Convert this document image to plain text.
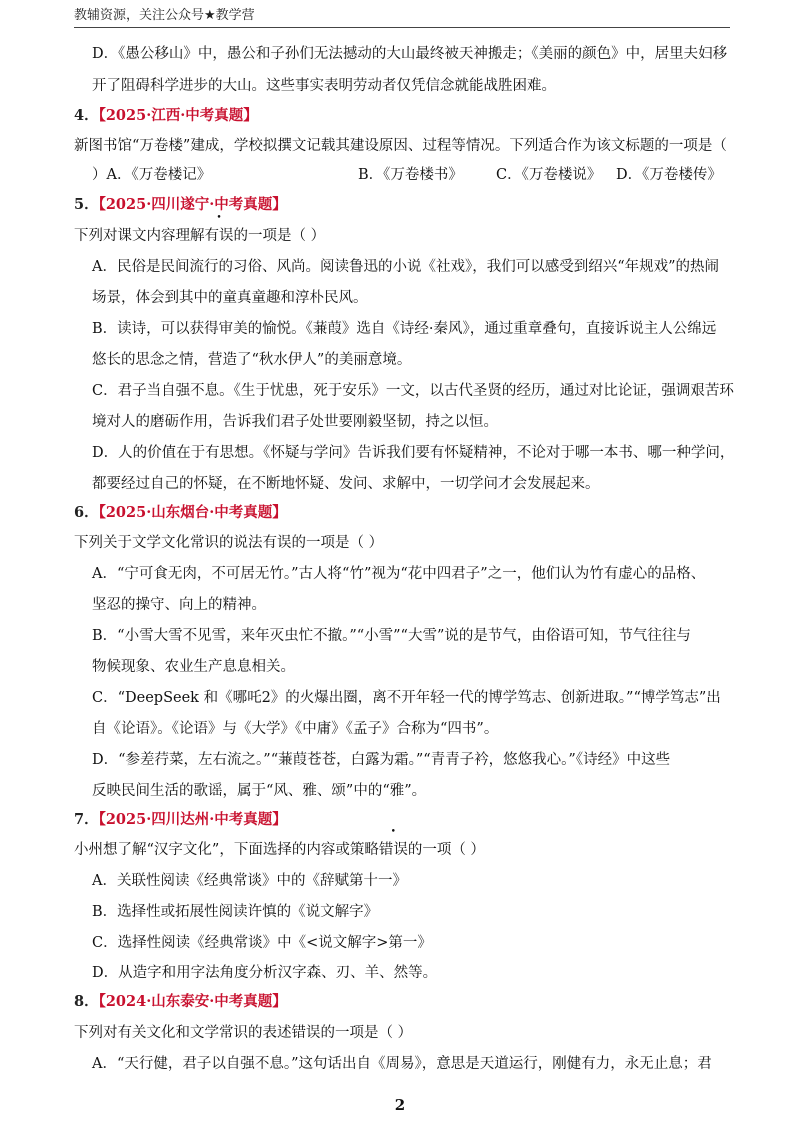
教辅资源，关注公众号★教学营
D．《愚公移山》中，愚公和子孙们无法撼动的大山最终被天神搬走；《美丽的颜色》中，居里夫妇移
开了阻碍科学进步的大山。这些事实表明劳动者仅凭信念就能战胜困难。
4．【2025·江西·中考真题】
新图书馆“万卷楼”建成，学校拟撰文记载其建设原因、过程等情况。下列适合作为该文标题的一项是（
）A．《万卷楼记》	B．《万卷楼书》 C．《万卷楼说》 D．《万卷楼传》
5．【2025·四川遂宁·中考真题】
下列对课文内容理解有误的一项是（ ）
A．民俗是民间流行的习俗、风尚。阅读鲁迅的小说《社戏》，我们可以感受到绍兴“年规戏”的热闹
场景，体会到其中的童真童趣和淳朴民风。
B．读诗，可以获得审美的愉悦。《蒹葭》选自《诗经·秦风》，通过重章叠句，直接诉说主人公绵远
悠长的思念之情，营造了“秋水伊人”的美丽意境。
C．君子当自强不息。《生于忧患，死于安乐》一文，以古代圣贤的经历，通过对比论证，强调艰苦环
境对人的磨砺作用，告诉我们君子处世要刚毅坚韧，持之以恒。
D．人的价值在于有思想。《怀疑与学问》告诉我们要有怀疑精神，不论对于哪一本书、哪一种学问，
都要经过自己的怀疑，在不断地怀疑、发问、求解中，一切学问才会发展起来。
6．【2025·山东烟台·中考真题】
下列关于文学文化常识的说法有误的一项是（ ）
A．“宁可食无肉，不可居无竹。”古人将“竹”视为“花中四君子”之一，他们认为竹有虚心的品格、
坚忍的操守、向上的精神。
B．“小雪大雪不见雪，来年灭虫忙不撤。”“小雪”“大雪”说的是节气，由俗语可知，节气往往与
物候现象、农业生产息息相关。
C．“DeepSeek 和《哪吒2》的火爆出圈，离不开年轻一代的博学笃志、创新进取。”“博学笃志”出
自《论语》。《论语》与《大学》《中庸》《孟子》合称为“四书”。
D．“参差荇菜，左右流之。”“蒹葭苍苍，白露为霜。”“青青子衿，悠悠我心。”《诗经》中这些
反映民间生活的歌谣，属于“风、雅、颂”中的“雅”。
7．【2025·四川达州·中考真题】
小州想了解“汉字文化”，下面选择的内容或策略错误的一项（ ）
A．关联性阅读《经典常谈》中的《辞赋第十一》
B．选择性或拓展性阅读许慎的《说文解字》
C．选择性阅读《经典常谈》中《<说文解字>第一》
D．从造字和用字法角度分析汉字森、刃、羊、然等。
8．【2024·山东泰安·中考真题】
下列对有关文化和文学常识的表述错误的一项是（ ）
A．“天行健，君子以自强不息。”这句话出自《周易》，意思是天道运行，刚健有力，永无止息；君
2
